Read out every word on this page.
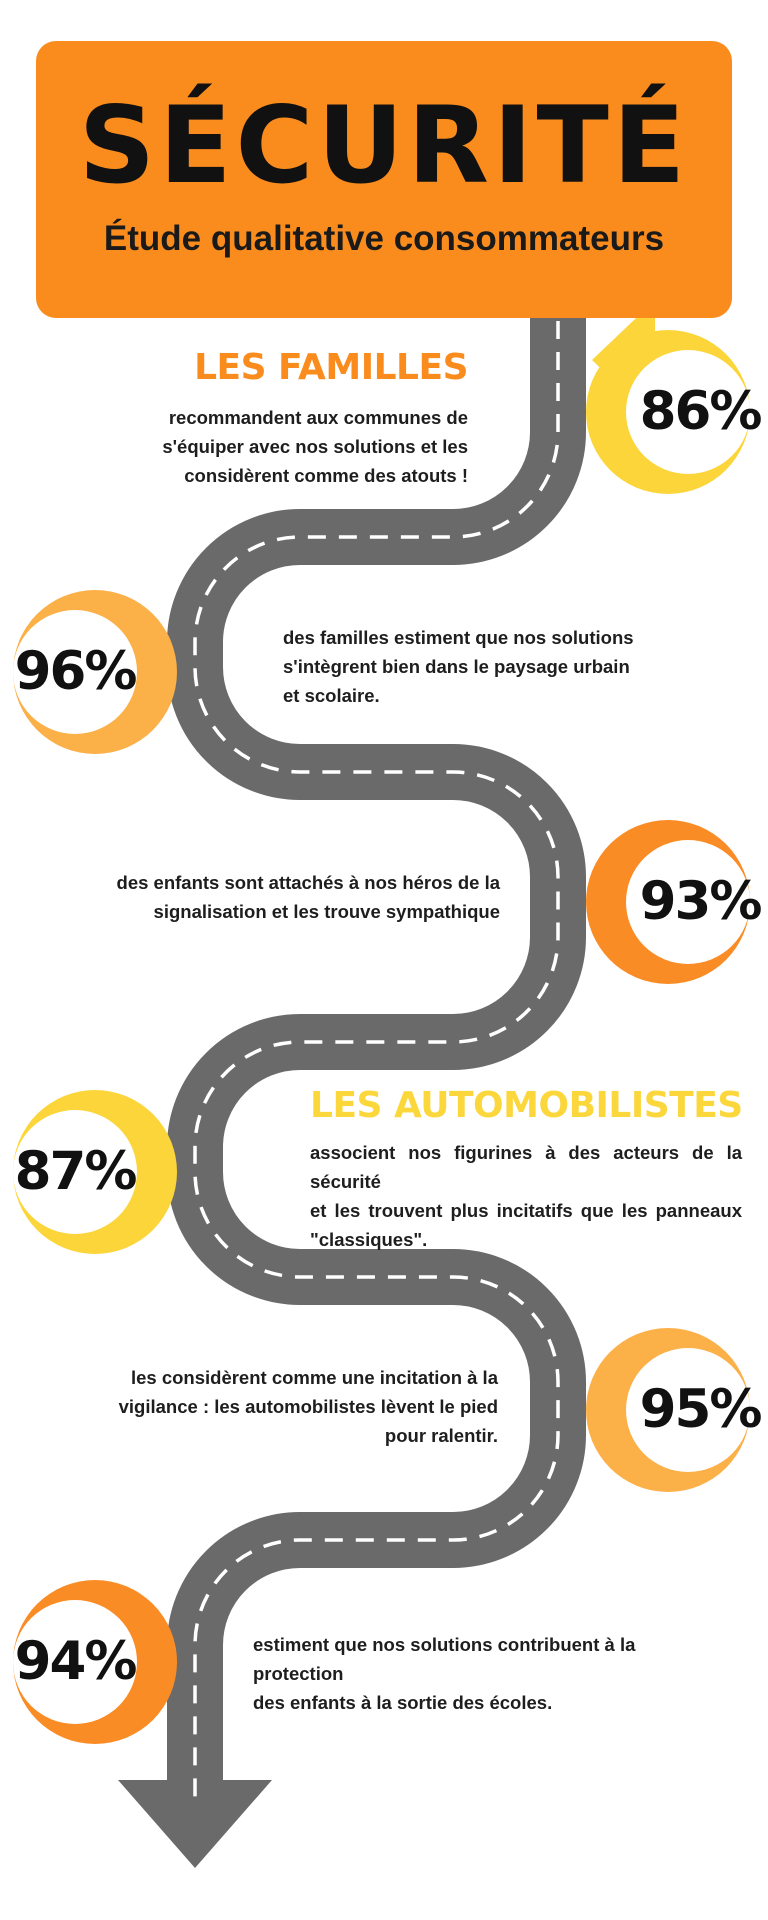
SÉCURITÉ
Étude qualitative consommateurs
LES FAMILLES
LES AUTOMOBILISTES
86%
96%
93%
87%
95%
94%
recommandent aux communes de
s'équiper avec nos solutions et les
considèrent comme des atouts !
des familles estiment que nos solutions
s'intègrent bien dans le paysage urbain
et scolaire.
des enfants sont attachés à nos héros de la
signalisation et les trouve sympathique
associent nos figurines à des acteurs de la sécurité
et les trouvent plus incitatifs que les panneaux
"classiques".
les considèrent comme une incitation à la
vigilance : les automobilistes lèvent le pied
pour ralentir.
estiment que nos solutions contribuent à la protection
des enfants à la sortie des écoles.
